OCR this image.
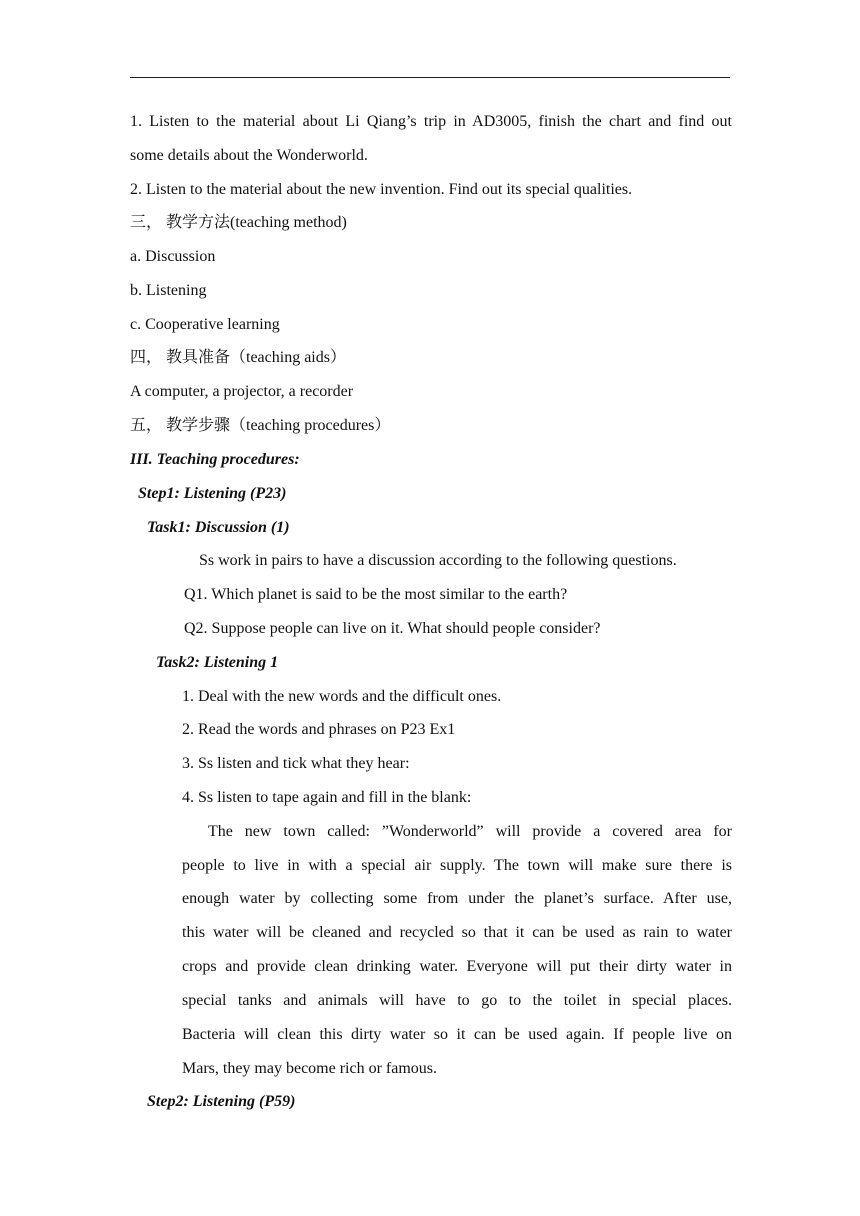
1. Listen to the material about Li Qiang’s trip in AD3005, finish the chart and find out
some details about the Wonderworld.
2. Listen to the material about the new invention. Find out its special qualities.
三， 教学方法(teaching method)
a. Discussion
b. Listening
c. Cooperative learning
四， 教具准备（teaching aids）
A computer, a projector, a recorder
五， 教学步骤（teaching procedures）
III. Teaching procedures:
Step1: Listening (P23)
Task1: Discussion (1)
Ss work in pairs to have a discussion according to the following questions.
Q1. Which planet is said to be the most similar to the earth?
Q2. Suppose people can live on it. What should people consider?
Task2: Listening 1
1. Deal with the new words and the difficult ones.
2. Read the words and phrases on P23 Ex1
3. Ss listen and tick what they hear:
4. Ss listen to tape again and fill in the blank:
The new town called: ”Wonderworld” will provide a covered area for
people to live in with a special air supply. The town will make sure there is
enough water by collecting some from under the planet’s surface. After use,
this water will be cleaned and recycled so that it can be used as rain to water
crops and provide clean drinking water. Everyone will put their dirty water in
special tanks and animals will have to go to the toilet in special places.
Bacteria will clean this dirty water so it can be used again. If people live on
Mars, they may become rich or famous.
Step2: Listening (P59)
